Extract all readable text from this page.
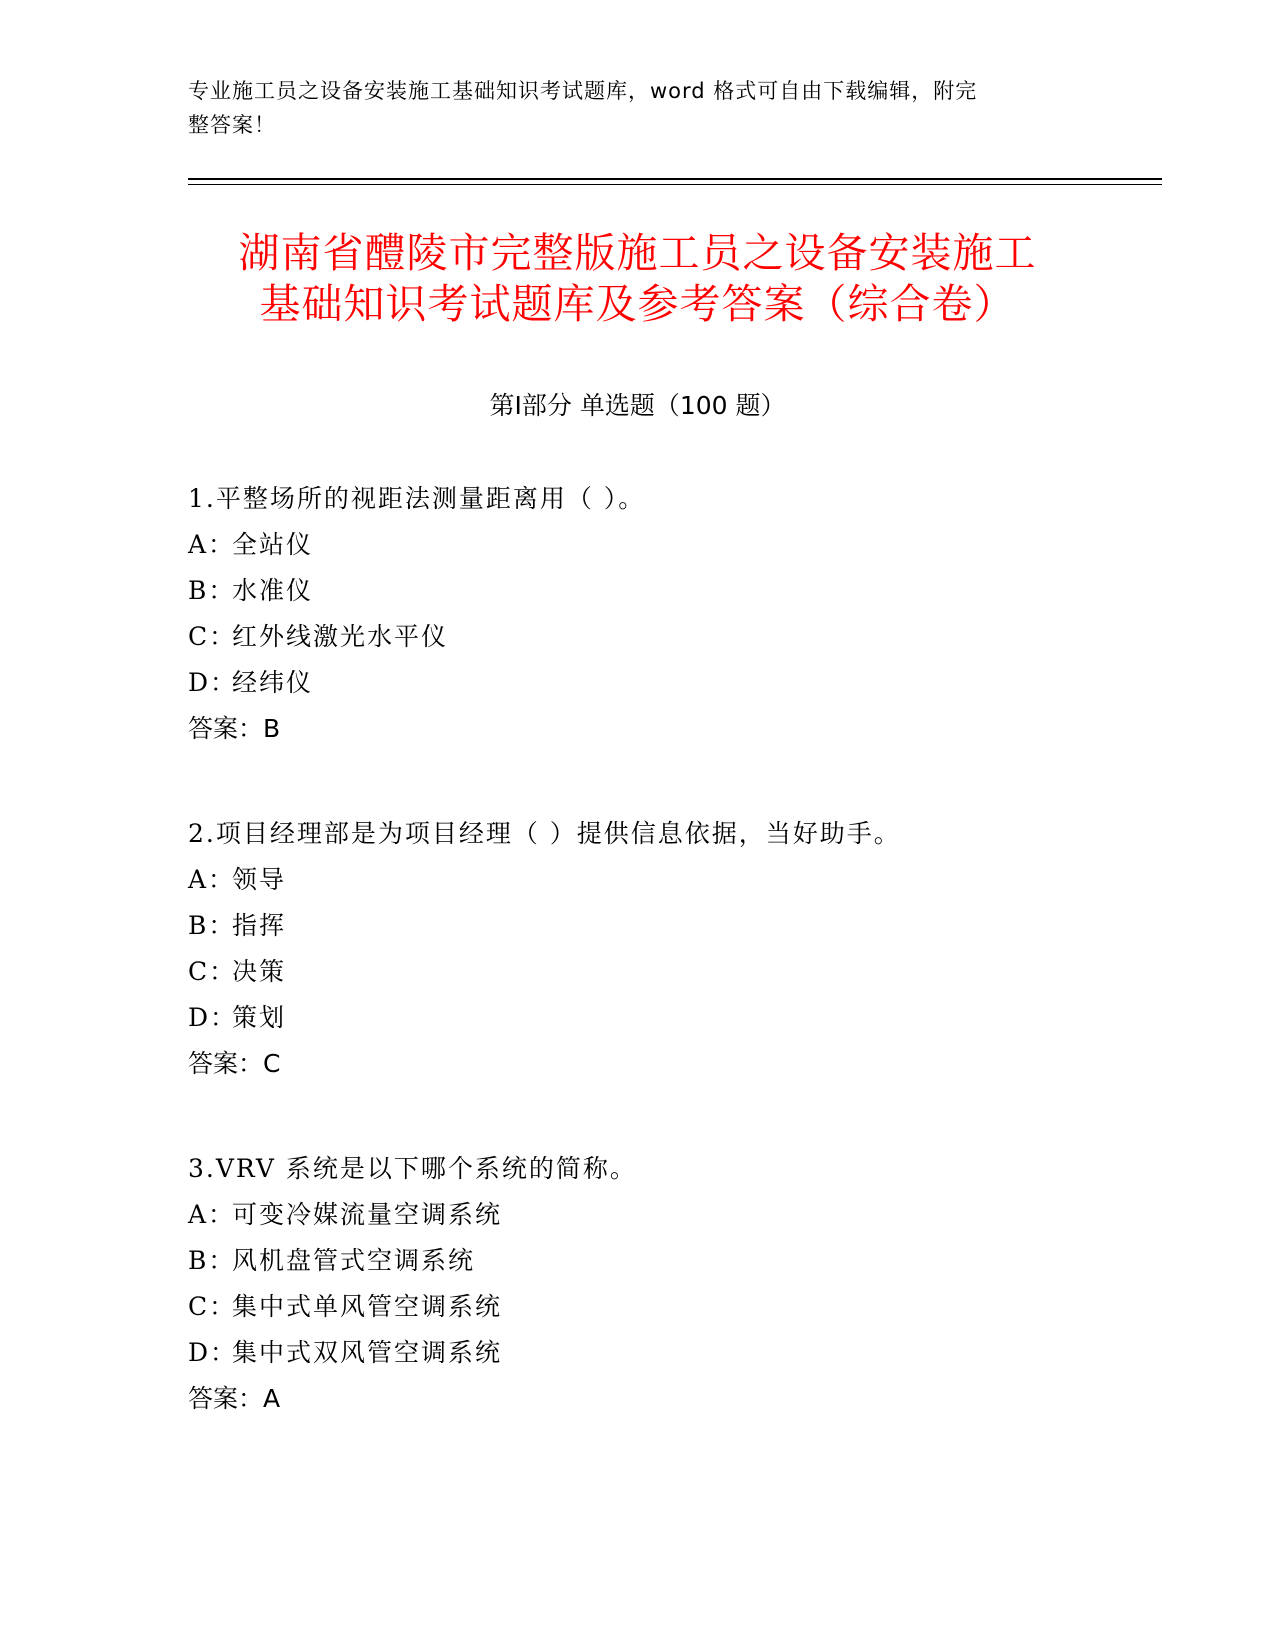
专业施工员之设备安装施工基础知识考试题库，word 格式可自由下载编辑，附完
整答案！
湖南省醴陵市完整版施工员之设备安装施工
基础知识考试题库及参考答案（综合卷）
第Ⅰ部分 单选题（100 题）
1.平整场所的视距法测量距离用（ ）。
A：全站仪
B：水准仪
C：红外线激光水平仪
D：经纬仪
答案：B
2.项目经理部是为项目经理（ ）提供信息依据，当好助手。
A：领导
B：指挥
C：决策
D：策划
答案：C
3.VRV 系统是以下哪个系统的简称。
A：可变冷媒流量空调系统
B：风机盘管式空调系统
C：集中式单风管空调系统
D：集中式双风管空调系统
答案：A
